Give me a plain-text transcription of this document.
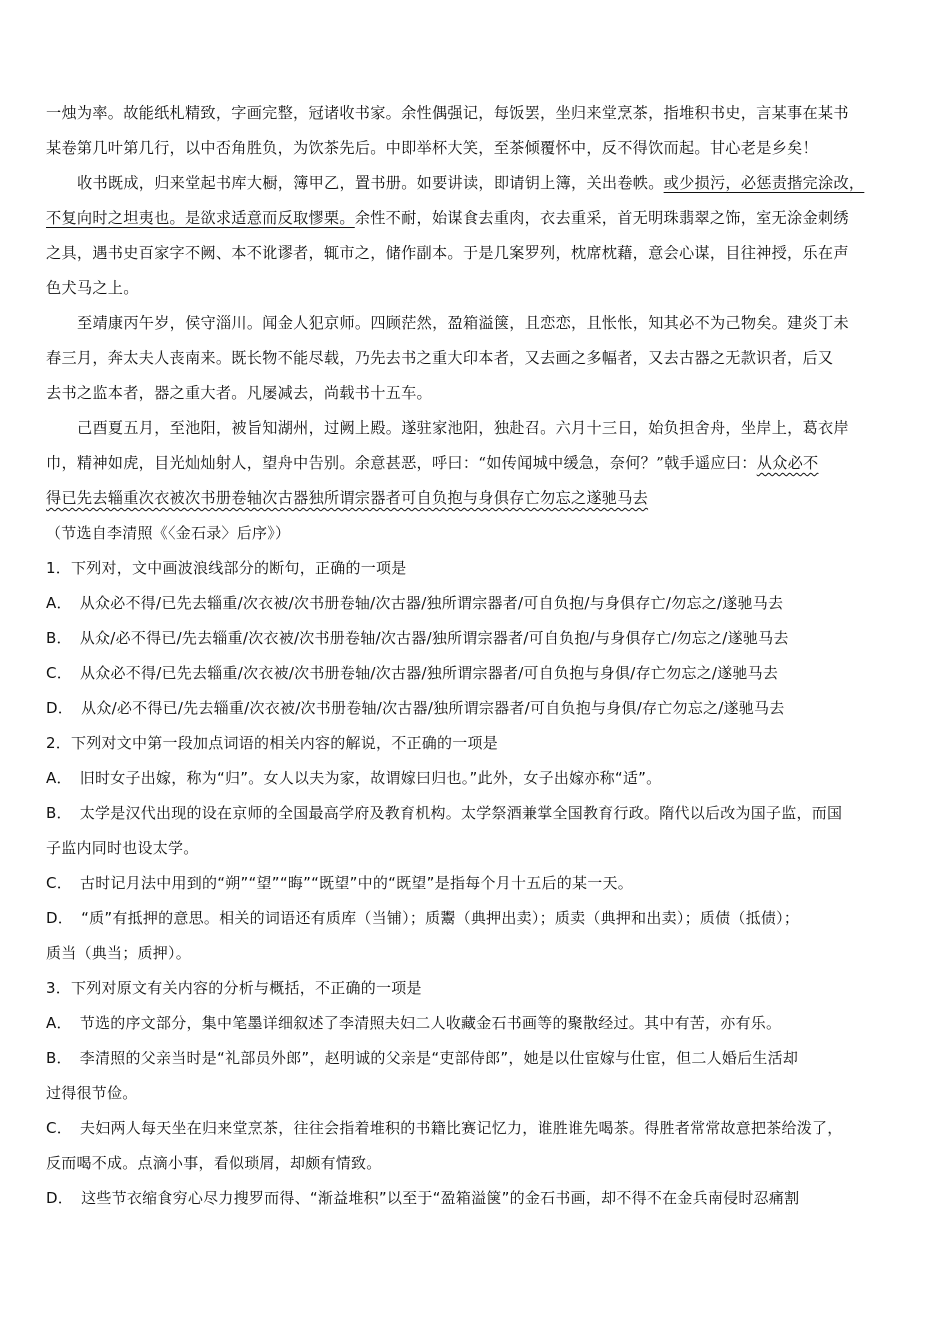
一烛为率。故能纸札精致，字画完整，冠诸收书家。余性偶强记，每饭罢，坐归来堂烹茶，指堆积书史，言某事在某书
某卷第几叶第几行，以中否角胜负，为饮茶先后。中即举杯大笑，至茶倾覆怀中，反不得饮而起。甘心老是乡矣！
收书既成，归来堂起书库大橱，簿甲乙，置书册。如要讲读，即请钥上簿，关出卷帙。或少损污，必惩责揩完涂改，
不复向时之坦夷也。是欲求适意而反取憀栗。余性不耐，始谋食去重肉，衣去重采，首无明珠翡翠之饰，室无涂金刺绣
之具，遇书史百家字不阙、本不讹谬者，辄市之，储作副本。于是几案罗列，枕席枕藉，意会心谋，目往神授，乐在声
色犬马之上。
至靖康丙午岁，侯守淄川。闻金人犯京师。四顾茫然，盈箱溢箧，且恋恋，且怅怅，知其必不为己物矣。建炎丁未
春三月，奔太夫人丧南来。既长物不能尽载，乃先去书之重大印本者，又去画之多幅者，又去古器之无款识者，后又
去书之监本者，器之重大者。凡屡减去，尚载书十五车。
己酉夏五月，至池阳，被旨知湖州，过阙上殿。遂驻家池阳，独赴召。六月十三日，始负担舍舟，坐岸上，葛衣岸
巾，精神如虎，目光灿灿射人，望舟中告别。余意甚恶，呼曰：“如传闻城中缓急，奈何？”戟手遥应曰：从众必不
得已先去辎重次衣被次书册卷轴次古器独所谓宗器者可自负抱与身俱存亡勿忘之遂驰马去
（节选自李清照《〈金石录〉后序》）
1．下列对，文中画波浪线部分的断句，正确的一项是
A． 从众必不得/已先去辎重/次衣被/次书册卷轴/次古器/独所谓宗器者/可自负抱/与身俱存亡/勿忘之/遂驰马去
B． 从众/必不得已/先去辎重/次衣被/次书册卷轴/次古器/独所谓宗器者/可自负抱/与身俱存亡/勿忘之/遂驰马去
C． 从众必不得/已先去辎重/次衣被/次书册卷轴/次古器/独所谓宗器者/可自负抱与身俱/存亡勿忘之/遂驰马去
D． 从众/必不得已/先去辎重/次衣被/次书册卷轴/次古器/独所谓宗器者/可自负抱与身俱/存亡勿忘之/遂驰马去
2．下列对文中第一段加点词语的相关内容的解说，不正确的一项是
A． 旧时女子出嫁，称为“归”。女人以夫为家，故谓嫁曰归也。”此外，女子出嫁亦称“适”。
B． 太学是汉代出现的设在京师的全国最高学府及教育机构。太学祭酒兼掌全国教育行政。隋代以后改为国子监，而国
子监内同时也设太学。
C． 古时记月法中用到的“朔”“望”“晦”“既望”中的“既望”是指每个月十五后的某一天。
D． “质”有抵押的意思。相关的词语还有质库（当铺）；质鬻（典押出卖）；质卖（典押和出卖）；质债（抵债）；
质当（典当；质押）。
3．下列对原文有关内容的分析与概括，不正确的一项是
A． 节选的序文部分，集中笔墨详细叙述了李清照夫妇二人收藏金石书画等的聚散经过。其中有苦，亦有乐。
B． 李清照的父亲当时是“礼部员外郎”，赵明诚的父亲是“吏部侍郎”，她是以仕宦嫁与仕宦，但二人婚后生活却
过得很节俭。
C． 夫妇两人每天坐在归来堂烹茶，往往会指着堆积的书籍比赛记忆力，谁胜谁先喝茶。得胜者常常故意把茶给泼了，
反而喝不成。点滴小事，看似琐屑，却颇有情致。
D． 这些节衣缩食穷心尽力搜罗而得、“渐益堆积”以至于“盈箱溢箧”的金石书画，却不得不在金兵南侵时忍痛割
